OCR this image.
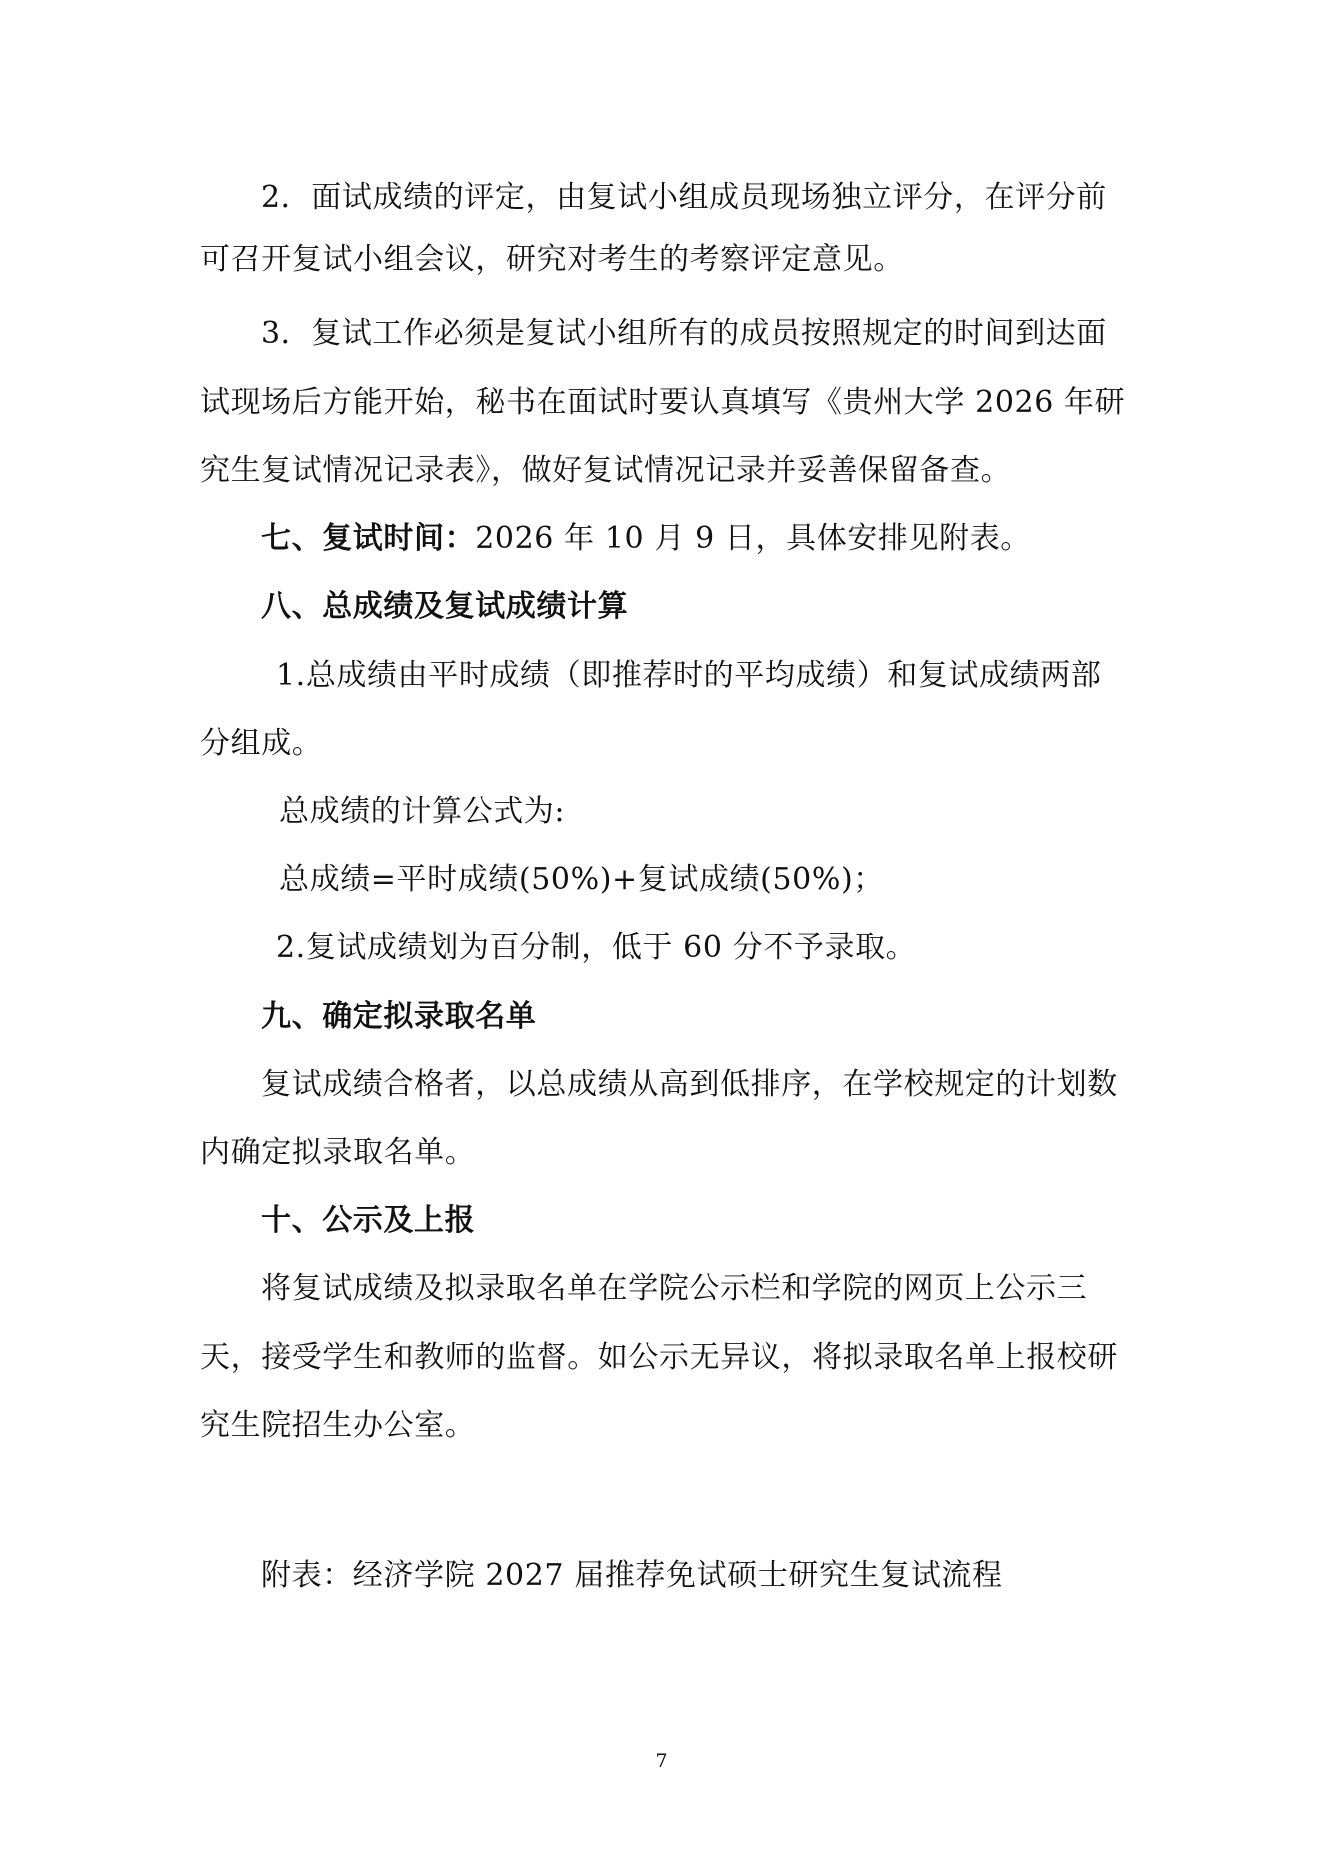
2．面试成绩的评定，由复试小组成员现场独立评分，在评分前
可召开复试小组会议，研究对考生的考察评定意见。
3．复试工作必须是复试小组所有的成员按照规定的时间到达面
试现场后方能开始，秘书在面试时要认真填写《贵州大学 2026 年研
究生复试情况记录表》，做好复试情况记录并妥善保留备查。
七、复试时间：2026 年 10 月 9 日，具体安排见附表。
八、总成绩及复试成绩计算
1.总成绩由平时成绩（即推荐时的平均成绩）和复试成绩两部
分组成。
总成绩的计算公式为:
总成绩=平时成绩(50%)+复试成绩(50%)；
2.复试成绩划为百分制，低于 60 分不予录取。
九、确定拟录取名单
复试成绩合格者，以总成绩从高到低排序，在学校规定的计划数
内确定拟录取名单。
十、公示及上报
将复试成绩及拟录取名单在学院公示栏和学院的网页上公示三
天，接受学生和教师的监督。如公示无异议，将拟录取名单上报校研
究生院招生办公室。
附表：经济学院 2027 届推荐免试硕士研究生复试流程
7
